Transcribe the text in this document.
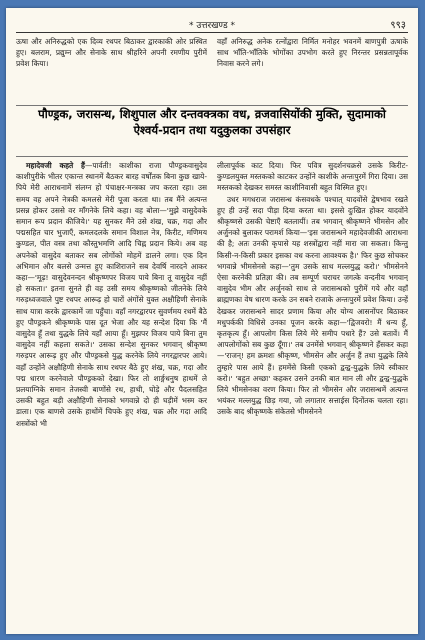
* उत्तरखण्ड *	९९३

ऊषा और अनिरुद्धको एक दिव्य रथपर बिठाकर द्वारकाकी ओर प्रस्थित हुए। बलराम, प्रद्युम्न और सेनाके साथ श्रीहरिने अपनी रमणीय पुरीमें प्रवेश किया।

वहाँ अनिरुद्ध अनेक रत्नोंद्वारा निर्मित मनोहर भवनमें बाणपुत्री ऊषाके साथ भाँति-भाँतिके भोगोंका उपभोग करते हुए निरन्तर प्रसन्नतापूर्वक निवास करने लगे।

पौण्ड्रक, जरासन्ध, शिशुपाल और दन्तवक्त्रका वध, व्रजवासियोंकी मुक्ति, सुदामाको
ऐश्वर्य-प्रदान तथा यदुकुलका उपसंहार

महादेवजी कहते हैं—पार्वती! काशीका राजा पौण्ड्रकवासुदेव काशीपुरीके भीतर एकान्त स्थानमें बैठकर बारह वर्षोंतक बिना कुछ खाये-पिये मेरी आराधनामें संलग्न हो पंचाक्षर-मन्त्रका जप करता रहा। उस समय वह अपने नेत्रकी कमलसे मेरी पूजा करता था। तब मैंने अत्यन्त प्रसन्न होकर उससे वर माँगनेके लिये कहा। वह बोला—'मुझे वासुदेवके समान रूप प्रदान कीजिये।' यह सुनकर मैंने उसे शंख, चक्र, गदा और पद्मसहित चार भुजाएँ, कमलदलके समान विशाल नेत्र, किरीट, मणिमय कुण्डल, पीत वस्त्र तथा कौस्तुभमणि आदि चिह्न प्रदान किये। अब वह अपनेको वासुदेव बताकर सब लोगोंको मोहमें डालने लगा। एक दिन अभिमान और बलसे उन्मत्त हुए काशिराजने सब देवर्षि नारदने आकर कहा—'मूढ़! वासुदेवनन्दन श्रीकृष्णपर विजय पाये बिना तू वासुदेव नहीं हो सकता।' इतना सुनते ही वह उसी समय श्रीकृष्णको जीतनेके लिये गरुड़ध्वजवाले पुष्ट रथपर आरूढ़ हो चारों अंगोंसे युक्त अक्षौहिणी सेनाके साथ यात्रा करके द्वारकामें जा पहुँचा। वहाँ नगरद्वारपर सुवर्णमय रथमें बैठे हुए पौण्ड्रकने श्रीकृष्णके पास दूत भेजा और यह सन्देश दिया कि 'मैं वासुदेव हूँ तथा युद्धके लिये यहाँ आया हूँ। मुझपर विजय पाये बिना तुम वासुदेव नहीं कहला सकते।' उसका सन्देश सुनकर भगवान् श्रीकृष्ण गरुड़पर आरूढ़ हुए और पौण्ड्रकसे युद्ध करनेके लिये नगरद्वारपर आये। वहाँ उन्होंने अक्षौहिणी सेनाके साथ रथपर बैठे हुए शंख, चक्र, गदा और पद्म धारण करनेवाले पौण्ड्रकको देखा। फिर तो शार्ङ्गधनुष हाथमें ले प्रलयाग्निके समान तेजस्वी बाणोंसे रथ, हाथी, घोड़े और पैदलसहित उसकी बहुत बड़ी अक्षौहिणी सेनाको भगवान्ने दो ही घड़ीमें भस्म कर डाला। एक बाणसे उसके हाथोंमें चिपके हुए शंख, चक्र और गदा आदि शस्त्रोंको भी

लीलापूर्वक काट दिया। फिर पवित्र सुदर्शनचक्रसे उसके किरीट-कुण्डलयुक्त मस्तकको काटकर उन्होंने काशीके अन्तःपुरमें गिरा दिया। उस मस्तकको देखकर समस्त काशीनिवासी बहुत विस्मित हुए।

उधर मगधराज जरासन्ध कंसवधके पश्चात् यादवोंसे द्वेषभाव रखते हुए ही उन्हें सदा पीड़ा दिया करता था। इससे दुःखित होकर यादवोंने श्रीकृष्णसे उसकी चेष्टाएँ बतलायीं। तब भगवान् श्रीकृष्णने भीमसेन और अर्जुनको बुलाकर परामर्श किया—'इस जरासन्धने महादेवजीकी आराधना की है; अतः उनकी कृपासे यह शस्त्रोंद्वारा नहीं मारा जा सकता। किन्तु किसी-न-किसी प्रकार इसका वध करना आवश्यक है।' फिर कुछ सोचकर भगवान्ने भीमसेनसे कहा—'तुम उसके साथ मल्लयुद्ध करो।' भीमसेनने ऐसा करनेकी प्रतिज्ञा की। तब सम्पूर्ण चराचर जगत्के वन्दनीय भगवान् वासुदेव भीम और अर्जुनको साथ ले जरासन्धको पुरीमें गये और वहाँ ब्राह्मणका वेष धारण करके उन सबने राजाके अन्तःपुरमें प्रवेश किया। उन्हें देखकर जरासन्धने सादर प्रणाम किया और योग्य आसनोंपर बिठाकर मधुपर्ककी विधिसे उनका पूजन करके कहा—'द्विजवरो! मैं धन्य हूँ, कृतकृत्य हूँ। आपलोग किस लिये मेरे समीप पधारे हैं? उसे बतावें। मैं आपलोगोंको सब कुछ दूँगा।' तब उनमेंसे भगवान् श्रीकृष्णने हँसकर कहा—'राजन्! हम क्रमशः श्रीकृष्ण, भीमसेन और अर्जुन हैं तथा युद्धके लिये तुम्हारे पास आये हैं। हममेंसे किसी एकको द्वन्द्व-युद्धके लिये स्वीकार करो।' 'बहुत अच्छा' कहकर उसने उनकी बात मान ली और द्वन्द्व-युद्धके लिये भीमसेनका वरण किया। फिर तो भीमसेन और जरासन्धमें अत्यन्त भयंकर मल्लयुद्ध छिड़ गया, जो लगातार सत्ताईस दिनोंतक चलता रहा। उसके बाद श्रीकृष्णके संकेतसे भीमसेनने
